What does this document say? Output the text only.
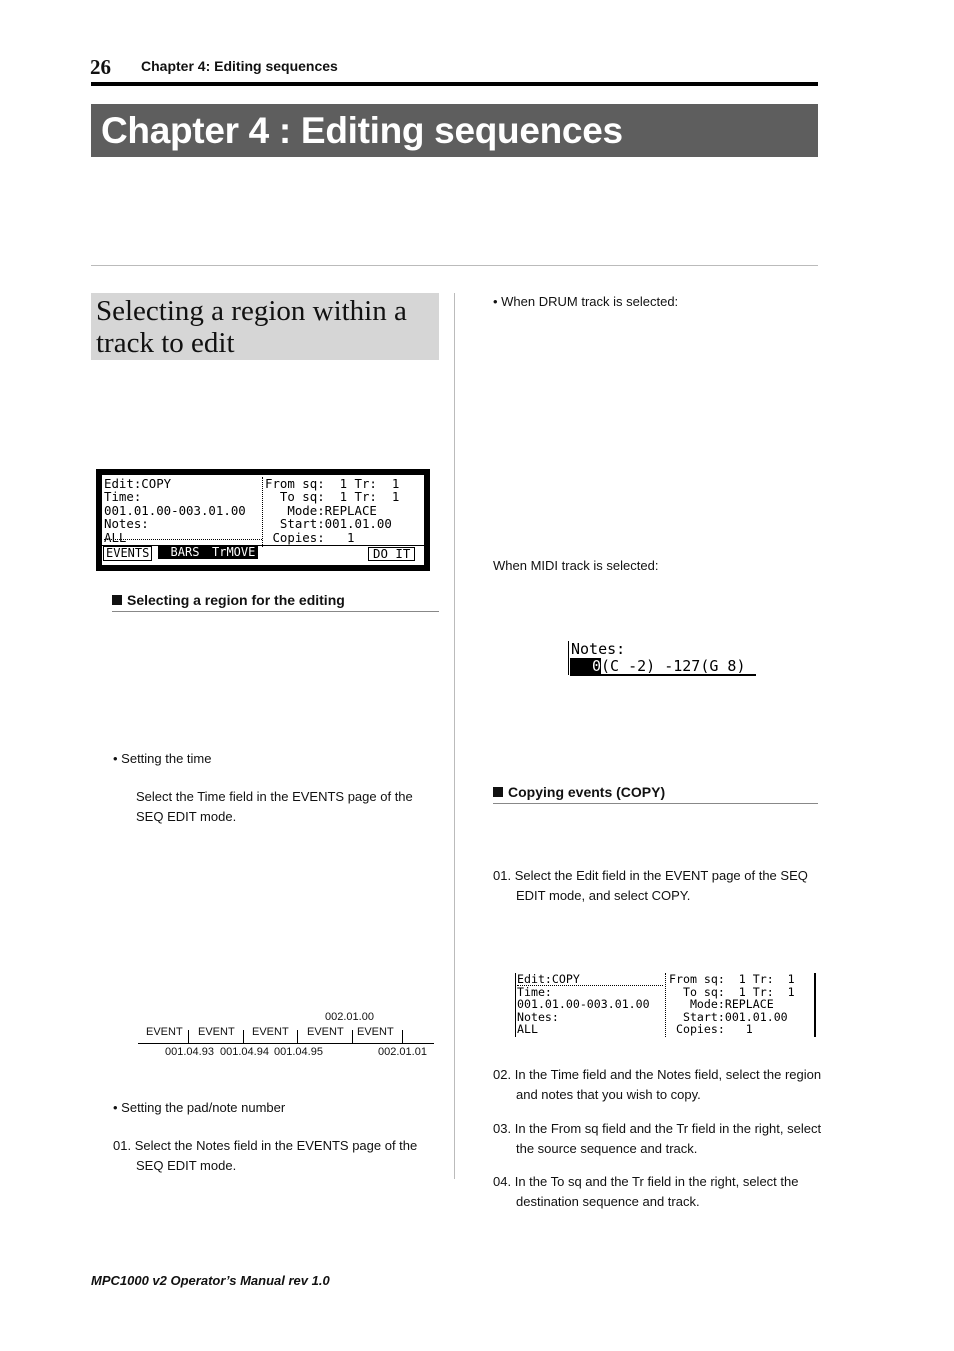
26 Chapter 4: Editing sequences
Chapter 4 : Editing sequences
Selecting a region within a
track to edit
Edit:COPY
Time:
001.01.00-003.01.00
Notes:
ALL
From sq:  1 Tr:  1
To sq:  1 Tr:  1
Mode:REPLACE
Start:001.01.00
Copies:   1
EVENTS	BARS	TrMOVE	DO IT
Selecting a region for the editing
• Setting the time
Select the Time field in the EVENTS page of the
SEQ EDIT mode.
002.01.00
EVENT EVENT EVENT EVENT EVENT
001.04.93 001.04.94 001.04.95	002.01.01
• Setting the pad/note number
01. Select the Notes field in the EVENTS page of the
SEQ EDIT mode.
• When DRUM track is selected:
When MIDI track is selected:
Notes:
0(C -2) -127(G 8)
Copying events (COPY)
01. Select the Edit field in the EVENT page of the SEQ
EDIT mode, and select COPY.
Edit:COPY
Time:
001.01.00-003.01.00
Notes:
ALL
From sq:  1 Tr:  1
To sq:  1 Tr:  1
Mode:REPLACE
Start:001.01.00
Copies:   1
02. In the Time field and the Notes field, select the region
and notes that you wish to copy.
03. In the From sq field and the Tr field in the right, select
the source sequence and track.
04. In the To sq and the Tr field in the right, select the
destination sequence and track.
MPC1000 v2 Operator’s Manual rev 1.0
